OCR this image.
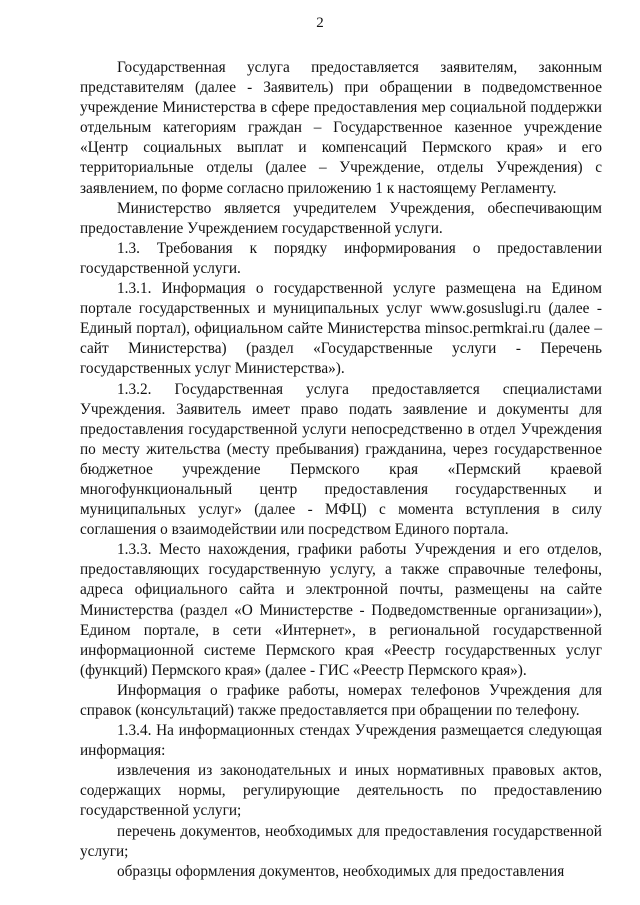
2

Государственная услуга предоставляется заявителям, законным представителям (далее - Заявитель) при обращении в подведомственное учреждение Министерства в сфере предоставления мер социальной поддержки отдельным категориям граждан – Государственное казенное учреждение «Центр социальных выплат и компенсаций Пермского края» и его территориальные отделы (далее – Учреждение, отделы Учреждения) с заявлением, по форме согласно приложению 1 к настоящему Регламенту.

Министерство является учредителем Учреждения, обеспечивающим предоставление Учреждением государственной услуги.

1.3. Требования к порядку информирования о предоставлении государственной услуги.

1.3.1. Информация о государственной услуге размещена на Едином портале государственных и муниципальных услуг www.gosuslugi.ru (далее - Единый портал), официальном сайте Министерства minsoc.permkrai.ru (далее – сайт Министерства) (раздел «Государственные услуги - Перечень государственных услуг Министерства»).

1.3.2. Государственная услуга предоставляется специалистами Учреждения. Заявитель имеет право подать заявление и документы для предоставления государственной услуги непосредственно в отдел Учреждения по месту жительства (месту пребывания) гражданина, через государственное бюджетное учреждение Пермского края «Пермский краевой многофункциональный центр предоставления государственных и муниципальных услуг» (далее - МФЦ) с момента вступления в силу соглашения о взаимодействии или посредством Единого портала.

1.3.3. Место нахождения, графики работы Учреждения и его отделов, предоставляющих государственную услугу, а также справочные телефоны, адреса официального сайта и электронной почты, размещены на сайте Министерства (раздел «О Министерстве - Подведомственные организации»), Едином портале, в сети «Интернет», в региональной государственной информационной системе Пермского края «Реестр государственных услуг (функций) Пермского края» (далее - ГИС «Реестр Пермского края»).

Информация о графике работы, номерах телефонов Учреждения для справок (консультаций) также предоставляется при обращении по телефону.

1.3.4. На информационных стендах Учреждения размещается следующая информация:

извлечения из законодательных и иных нормативных правовых актов, содержащих нормы, регулирующие деятельность по предоставлению государственной услуги;

перечень документов, необходимых для предоставления государственной услуги;

образцы оформления документов, необходимых для предоставления
